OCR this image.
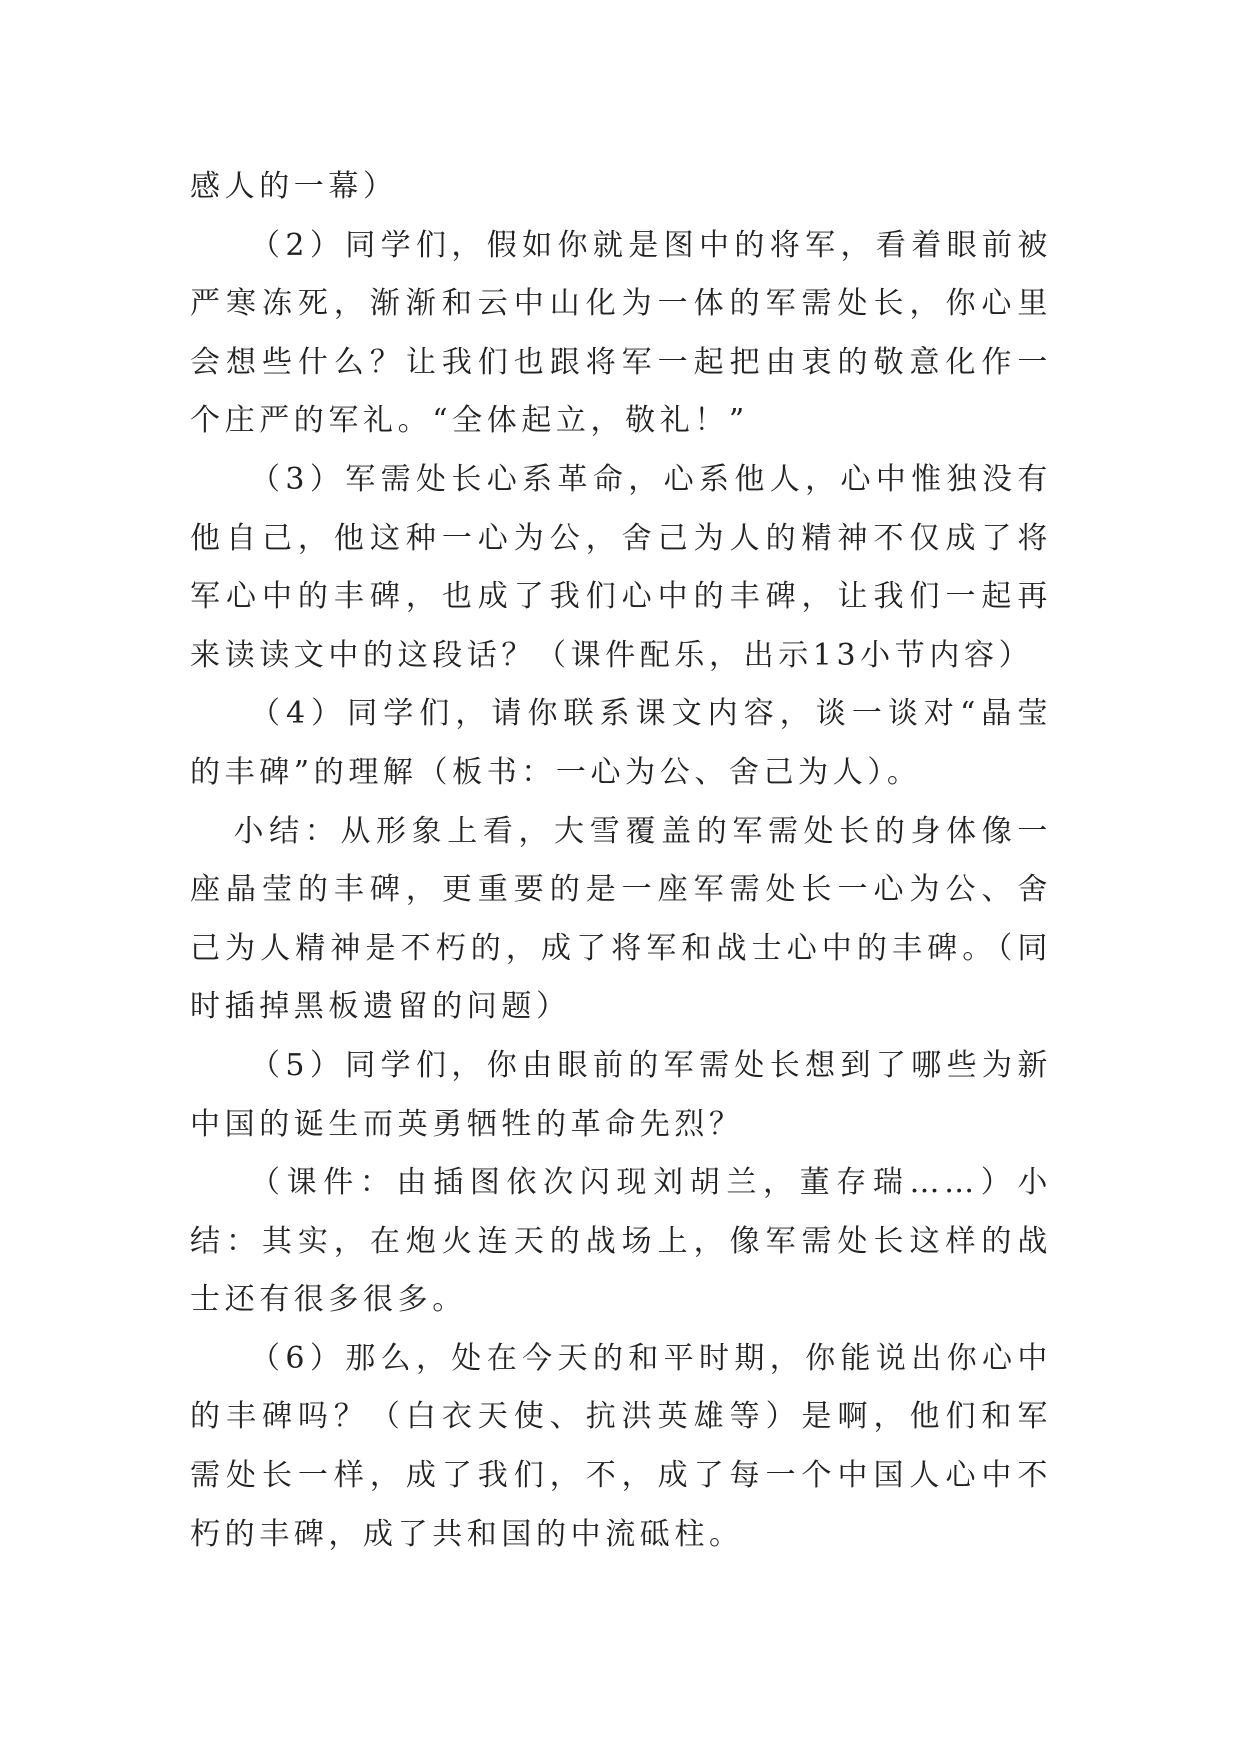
感人的一幕）

（2）同学们，假如你就是图中的将军，看着眼前被严寒冻死，渐渐和云中山化为一体的军需处长，你心里会想些什么？让我们也跟将军一起把由衷的敬意化作一个庄严的军礼。“全体起立，敬礼！”

（3）军需处长心系革命，心系他人，心中惟独没有他自己，他这种一心为公，舍己为人的精神不仅成了将军心中的丰碑，也成了我们心中的丰碑，让我们一起再来读读文中的这段话？（课件配乐，出示13小节内容）

（4）同学们，请你联系课文内容，谈一谈对“晶莹的丰碑”的理解（板书：一心为公、舍己为人）。

小结：从形象上看，大雪覆盖的军需处长的身体像一座晶莹的丰碑，更重要的是一座军需处长一心为公、舍己为人精神是不朽的，成了将军和战士心中的丰碑。（同时插掉黑板遗留的问题）

（5）同学们，你由眼前的军需处长想到了哪些为新中国的诞生而英勇牺牲的革命先烈？

（课件：由插图依次闪现刘胡兰，董存瑞……）小结：其实，在炮火连天的战场上，像军需处长这样的战士还有很多很多。

（6）那么，处在今天的和平时期，你能说出你心中的丰碑吗？（白衣天使、抗洪英雄等）是啊，他们和军需处长一样，成了我们，不，成了每一个中国人心中不朽的丰碑，成了共和国的中流砥柱。
